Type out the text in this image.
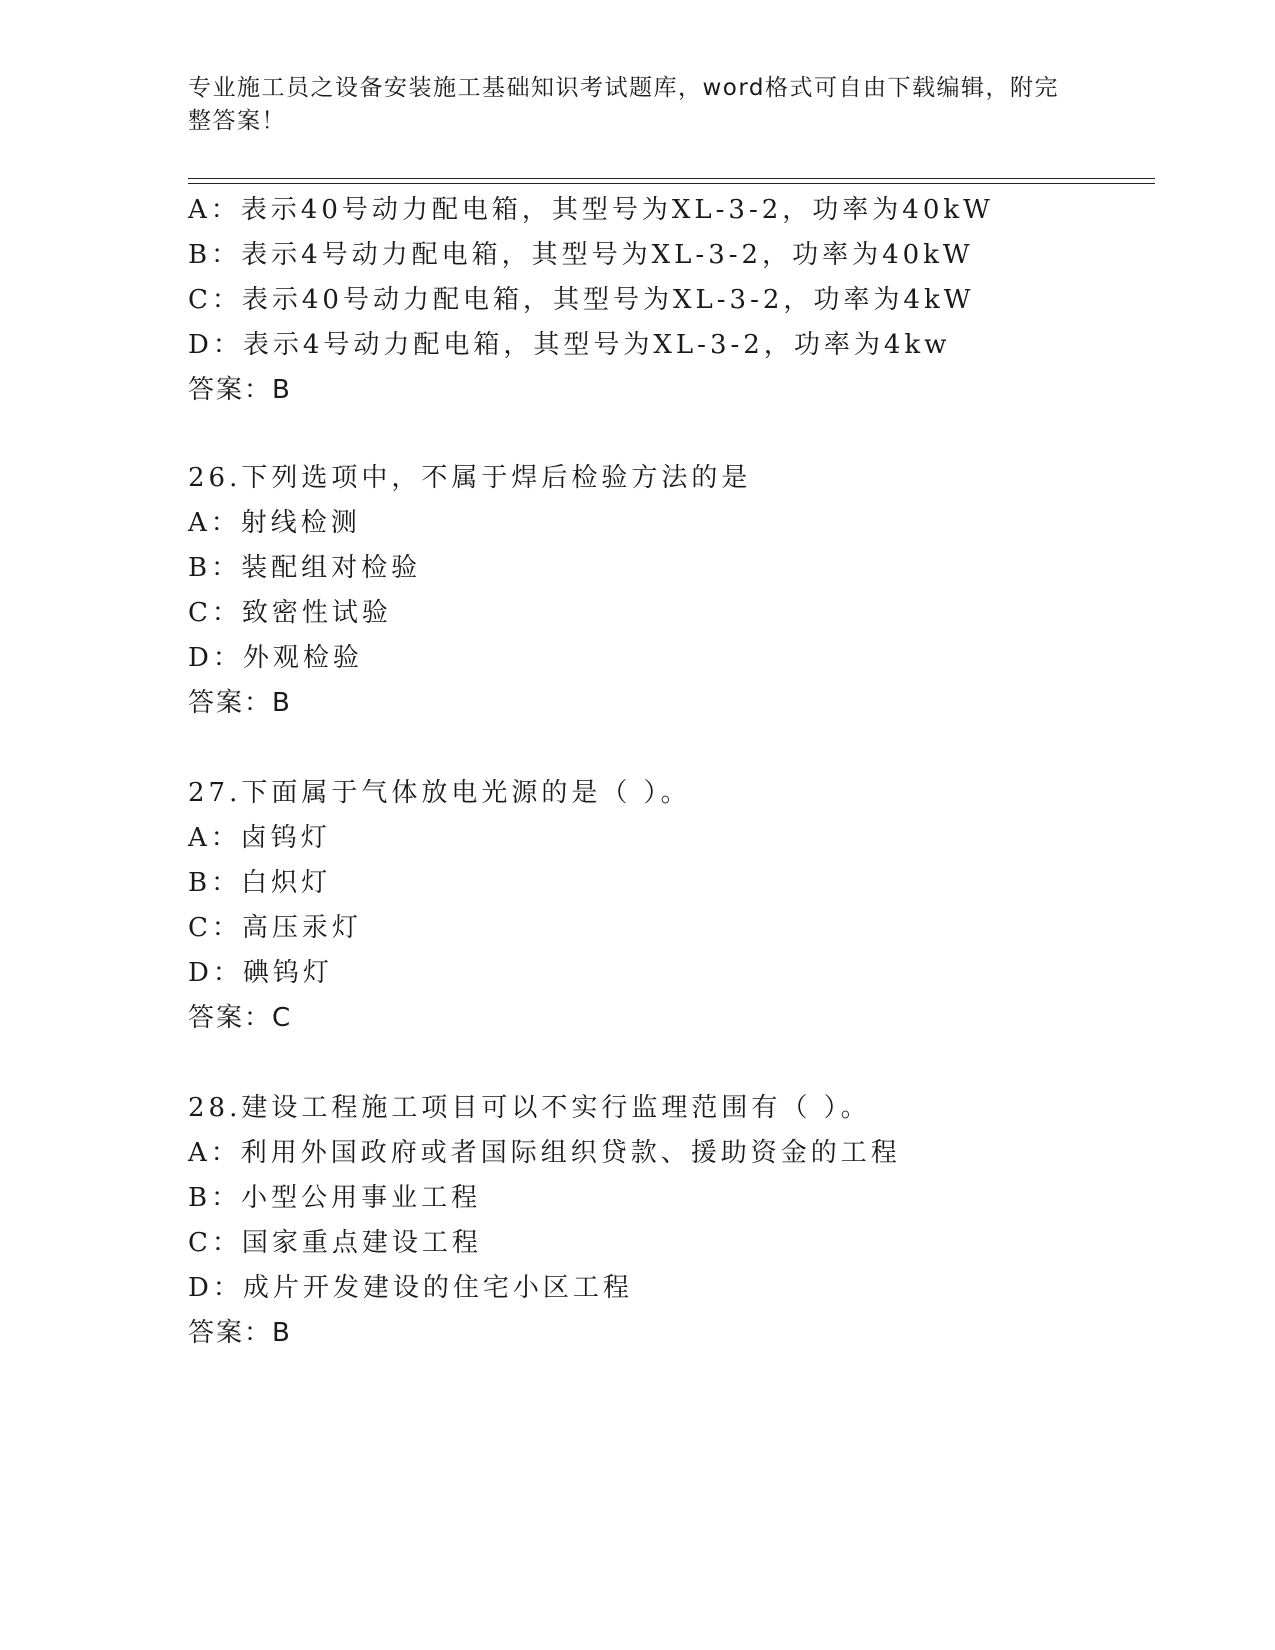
专业施工员之设备安装施工基础知识考试题库，word格式可自由下载编辑，附完
整答案！
A：表示40号动力配电箱，其型号为XL-3-2，功率为40kW
B：表示4号动力配电箱，其型号为XL-3-2，功率为40kW
C：表示40号动力配电箱，其型号为XL-3-2，功率为4kW
D：表示4号动力配电箱，其型号为XL-3-2，功率为4kw
答案：B
26.下列选项中，不属于焊后检验方法的是
A：射线检测
B：装配组对检验
C：致密性试验
D：外观检验
答案：B
27.下面属于气体放电光源的是（ ）。
A：卤钨灯
B：白炽灯
C：高压汞灯
D：碘钨灯
答案：C
28.建设工程施工项目可以不实行监理范围有（ ）。
A：利用外国政府或者国际组织贷款、援助资金的工程
B：小型公用事业工程
C：国家重点建设工程
D：成片开发建设的住宅小区工程
答案：B
